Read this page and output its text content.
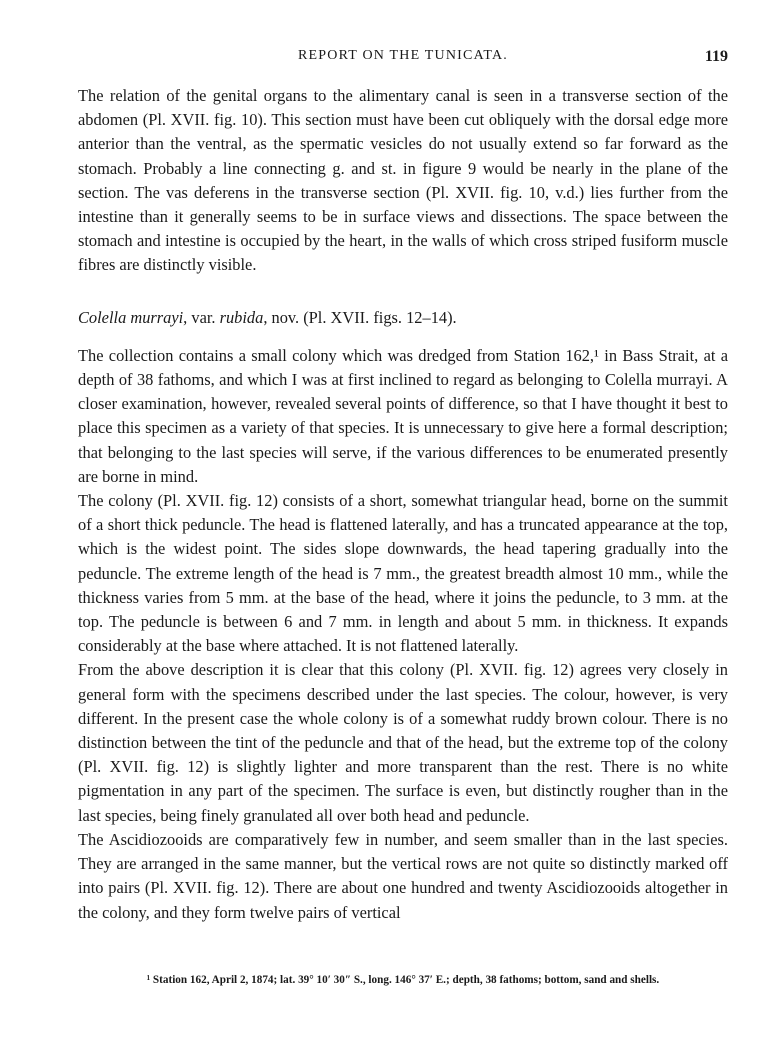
REPORT ON THE TUNICATA.	119

The relation of the genital organs to the alimentary canal is seen in a transverse section of the abdomen (Pl. XVII. fig. 10). This section must have been cut obliquely with the dorsal edge more anterior than the ventral, as the spermatic vesicles do not usually extend so far forward as the stomach. Probably a line connecting g. and st. in figure 9 would be nearly in the plane of the section. The vas deferens in the transverse section (Pl. XVII. fig. 10, v.d.) lies further from the intestine than it generally seems to be in surface views and dissections. The space between the stomach and intestine is occupied by the heart, in the walls of which cross striped fusiform muscle fibres are distinctly visible.

Colella murrayi, var. rubida, nov. (Pl. XVII. figs. 12–14).

The collection contains a small colony which was dredged from Station 162,¹ in Bass Strait, at a depth of 38 fathoms, and which I was at first inclined to regard as belonging to Colella murrayi. A closer examination, however, revealed several points of difference, so that I have thought it best to place this specimen as a variety of that species. It is unnecessary to give here a formal description; that belonging to the last species will serve, if the various differences to be enumerated presently are borne in mind.

The colony (Pl. XVII. fig. 12) consists of a short, somewhat triangular head, borne on the summit of a short thick peduncle. The head is flattened laterally, and has a truncated appearance at the top, which is the widest point. The sides slope downwards, the head tapering gradually into the peduncle. The extreme length of the head is 7 mm., the greatest breadth almost 10 mm., while the thickness varies from 5 mm. at the base of the head, where it joins the peduncle, to 3 mm. at the top. The peduncle is between 6 and 7 mm. in length and about 5 mm. in thickness. It expands considerably at the base where attached. It is not flattened laterally.

From the above description it is clear that this colony (Pl. XVII. fig. 12) agrees very closely in general form with the specimens described under the last species. The colour, however, is very different. In the present case the whole colony is of a somewhat ruddy brown colour. There is no distinction between the tint of the peduncle and that of the head, but the extreme top of the colony (Pl. XVII. fig. 12) is slightly lighter and more transparent than the rest. There is no white pigmentation in any part of the specimen. The surface is even, but distinctly rougher than in the last species, being finely granulated all over both head and peduncle.

The Ascidiozooids are comparatively few in number, and seem smaller than in the last species. They are arranged in the same manner, but the vertical rows are not quite so distinctly marked off into pairs (Pl. XVII. fig. 12). There are about one hundred and twenty Ascidiozooids altogether in the colony, and they form twelve pairs of vertical

¹ Station 162, April 2, 1874; lat. 39° 10′ 30″ S., long. 146° 37′ E.; depth, 38 fathoms; bottom, sand and shells.
